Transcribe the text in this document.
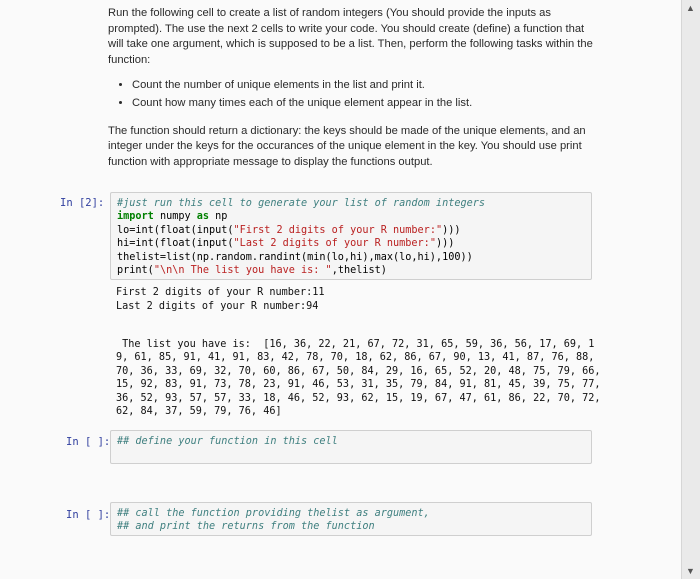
Run the following cell to create a list of random integers (You should provide the inputs as prompted). The use the next 2 cells to write your code. You should create (define) a function that will take one argument, which is supposed to be a list. Then, perform the following tasks within the function:

• Count the number of unique elements in the list and print it.
• Count how many times each of the unique element appear in the list.

The function should return a dictionary: the keys should be made of the unique elements, and an integer under the keys for the occurances of the unique element in the key. You should use print function with appropriate message to display the functions output.

In [2]:	#just run this cell to generate your list of random integers
import numpy as np
lo=int(float(input("First 2 digits of your R number:")))
hi=int(float(input("Last 2 digits of your R number:")))
thelist=list(np.random.randint(min(lo,hi),max(lo,hi),100))
print("\n\n The list you have is: ",thelist)
First 2 digits of your R number:11
Last 2 digits of your R number:94
The list you have is:  [16, 36, 22, 21, 67, 72, 31, 65, 59, 36, 56, 17, 69, 1
9, 61, 85, 91, 41, 91, 83, 42, 78, 70, 18, 62, 86, 67, 90, 13, 41, 87, 76, 88,
70, 36, 33, 69, 32, 70, 60, 86, 67, 50, 84, 29, 16, 65, 52, 20, 48, 75, 79, 66,
15, 92, 83, 91, 73, 78, 23, 91, 46, 53, 31, 35, 79, 84, 91, 81, 45, 39, 75, 77,
36, 52, 93, 57, 57, 33, 18, 46, 52, 93, 62, 15, 19, 67, 47, 61, 86, 22, 70, 72,
62, 84, 37, 59, 79, 76, 46]
In [ ]: ## define your function in this cell
In [ ]: ## call the function providing thelist as argument,
## and print the returns from the function
▲
▼
